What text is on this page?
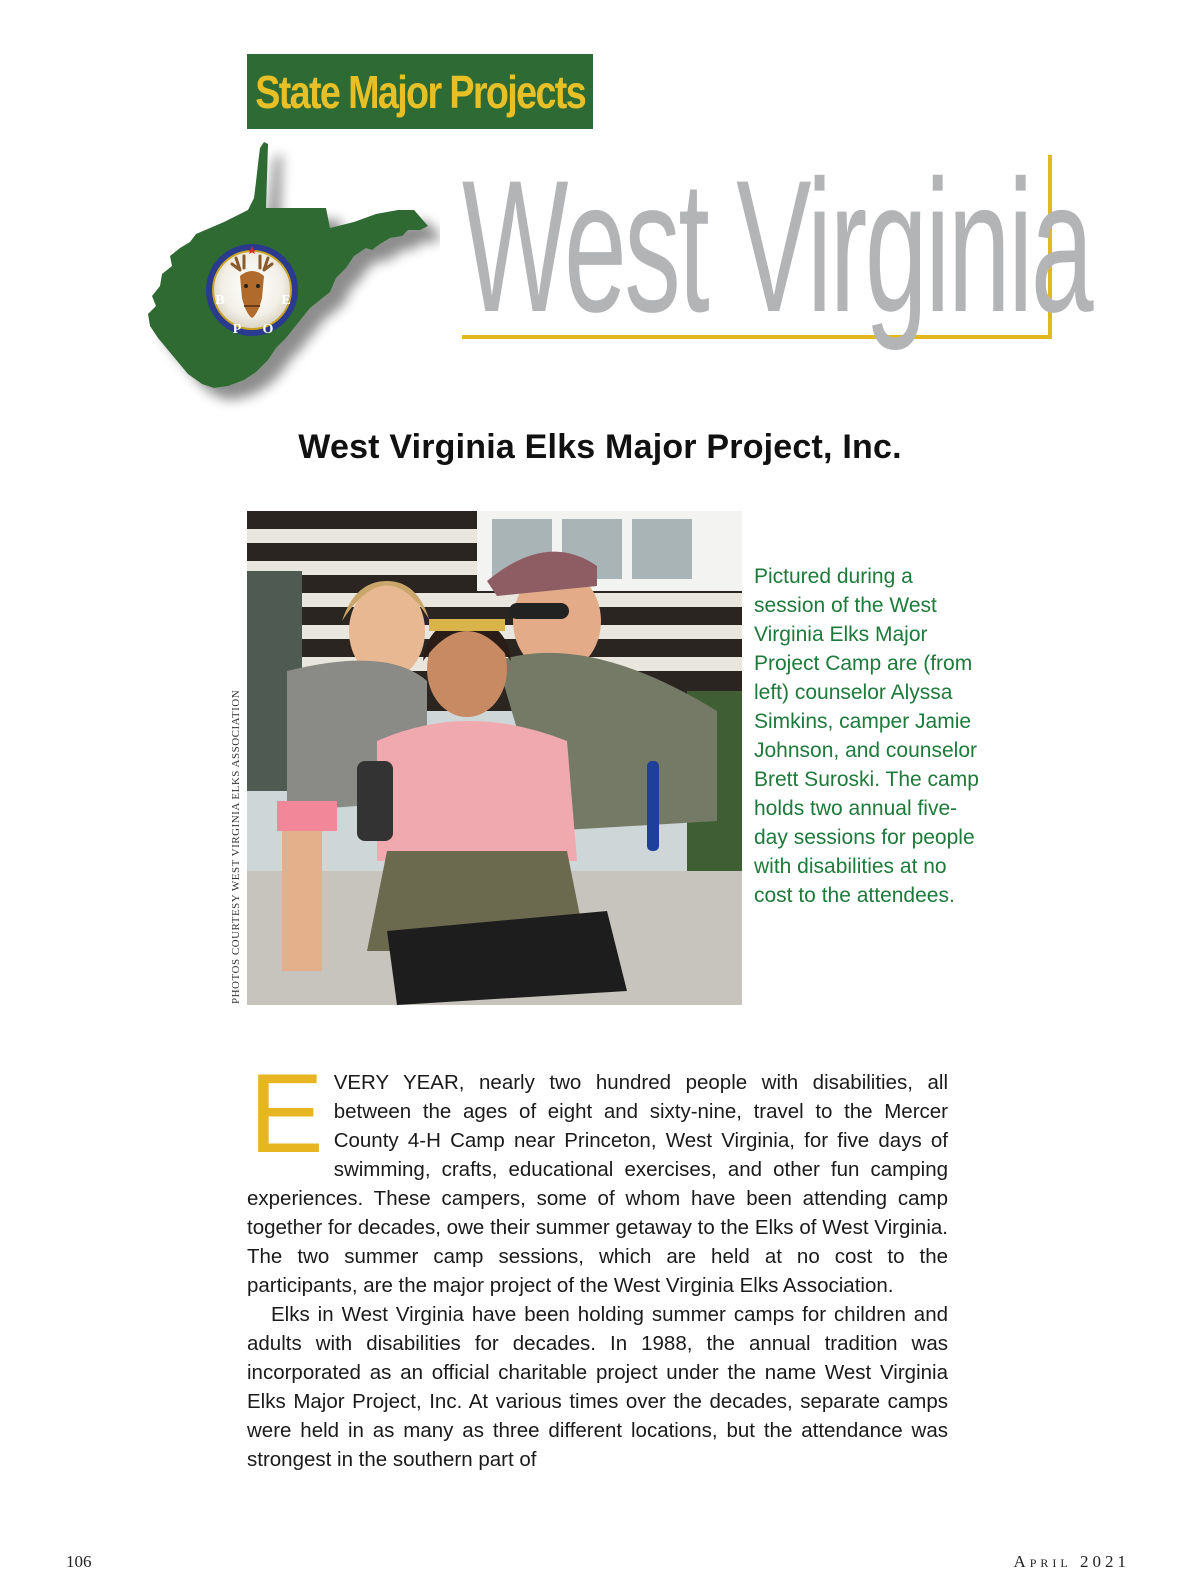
State Major Projects
B
P O
E West Virginia
West Virginia Elks Major Project, Inc.
PHOTOS COURTESY WEST VIRGINIA ELKS ASSOCIATION
Pictured during a session of the West Virginia Elks Major Project Camp are (from left) counselor Alyssa Simkins, camper Jamie Johnson, and counselor Brett Suroski. The camp holds two annual five-day sessions for people with disabilities at no cost to the attendees.

EVERY YEAR, nearly two hundred people with disabilities, all between the ages of eight and sixty-nine, travel to the Mercer County 4-H Camp near Princeton, West Virginia, for five days of swimming, crafts, educational exercises, and other fun camping experiences. These campers, some of whom have been attending camp together for decades, owe their summer getaway to the Elks of West Virginia. The two summer camp sessions, which are held at no cost to the participants, are the major project of the West Virginia Elks Association.

Elks in West Virginia have been holding summer camps for children and adults with disabilities for decades. In 1988, the annual tradition was incorporated as an official charitable project under the name West Virginia Elks Major Project, Inc. At various times over the decades, separate camps were held in as many as three different locations, but the attendance was strongest in the southern part of

106	April 2021
